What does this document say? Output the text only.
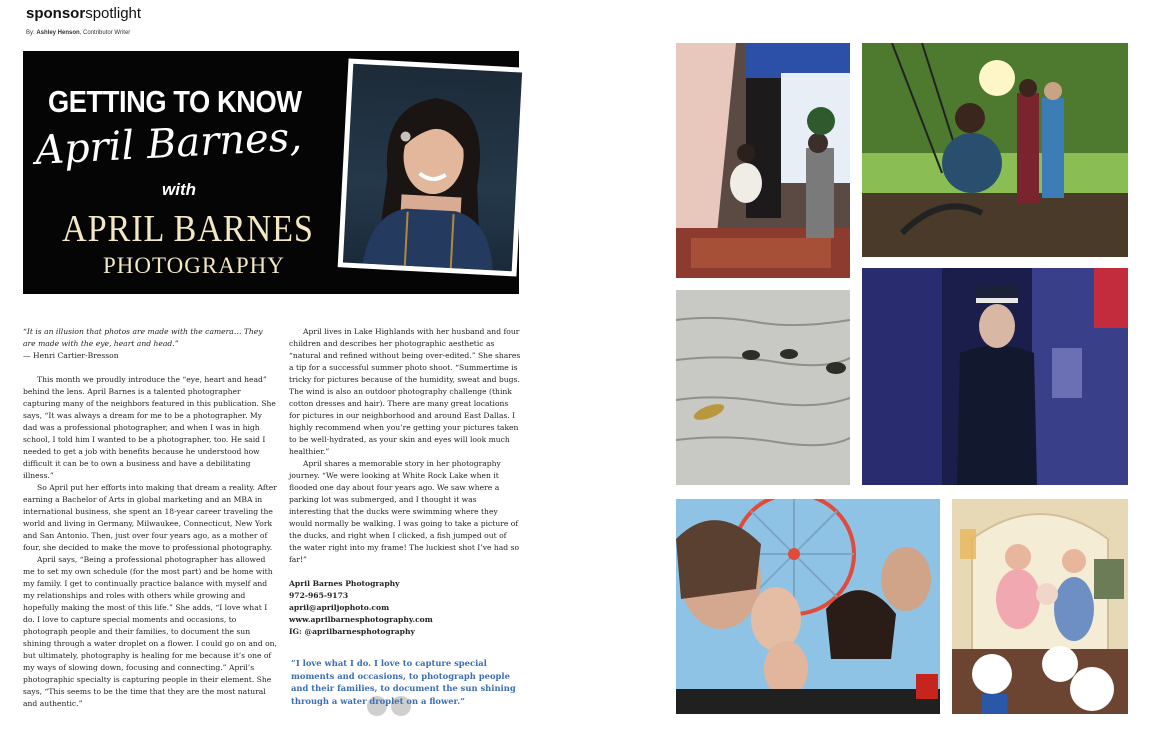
sponsorspotlight
By: Ashley Henson, Contributor Writer
GETTING TO KNOW
April Barnes,
with
APRIL BARNES
PHOTOGRAPHY

“It is an illusion that photos are made with the camera… They are made with the eye, heart and head.”

— Henri Cartier-Bresson

This month we proudly introduce the “eye, heart and head” behind the lens. April Barnes is a talented photographer capturing many of the neighbors featured in this publication. She says, “It was always a dream for me to be a photographer. My dad was a professional photographer, and when I was in high school, I told him I wanted to be a photographer, too. He said I needed to get a job with benefits because he understood how difficult it can be to own a business and have a debilitating illness.”

So April put her efforts into making that dream a reality. After earning a Bachelor of Arts in global marketing and an MBA in international business, she spent an 18-year career traveling the world and living in Germany, Milwaukee, Connecticut, New York and San Antonio. Then, just over four years ago, as a mother of four, she decided to make the move to professional photography.

April says, “Being a professional photographer has allowed me to set my own schedule (for the most part) and be home with my family. I get to continually practice balance with myself and my relationships and roles with others while growing and hopefully making the most of this life.” She adds, “I love what I do. I love to capture special moments and occasions, to photograph people and their families, to document the sun shining through a water droplet on a flower. I could go on and on, but ultimately, photography is healing for me because it’s one of my ways of slowing down, focusing and connecting.” April’s photographic specialty is capturing people in their element. She says, “This seems to be the time that they are the most natural and authentic.”

April lives in Lake Highlands with her husband and four children and describes her photographic aesthetic as “natural and refined without being over-edited.” She shares a tip for a successful summer photo shoot. “Summertime is tricky for pictures because of the humidity, sweat and bugs. The wind is also an outdoor photography challenge (think cotton dresses and hair). There are many great locations for pictures in our neighborhood and around East Dallas. I highly recommend when you’re getting your pictures taken to be well-hydrated, as your skin and eyes will look much healthier.”

April shares a memorable story in her photography journey. “We were looking at White Rock Lake when it flooded one day about four years ago. We saw where a parking lot was submerged, and I thought it was interesting that the ducks were swimming where they would normally be walking. I was going to take a picture of the ducks, and right when I clicked, a fish jumped out of the water right into my frame! The luckiest shot I’ve had so far!”

April Barnes Photography
972-965-9173
april@apriljophoto.com
www.aprilbarnesphotography.com
IG: @aprilbarnesphotography
“I love what I do. I love to capture special moments and occasions, to photograph people and their families, to document the sun shining through a water droplet on a flower.”
